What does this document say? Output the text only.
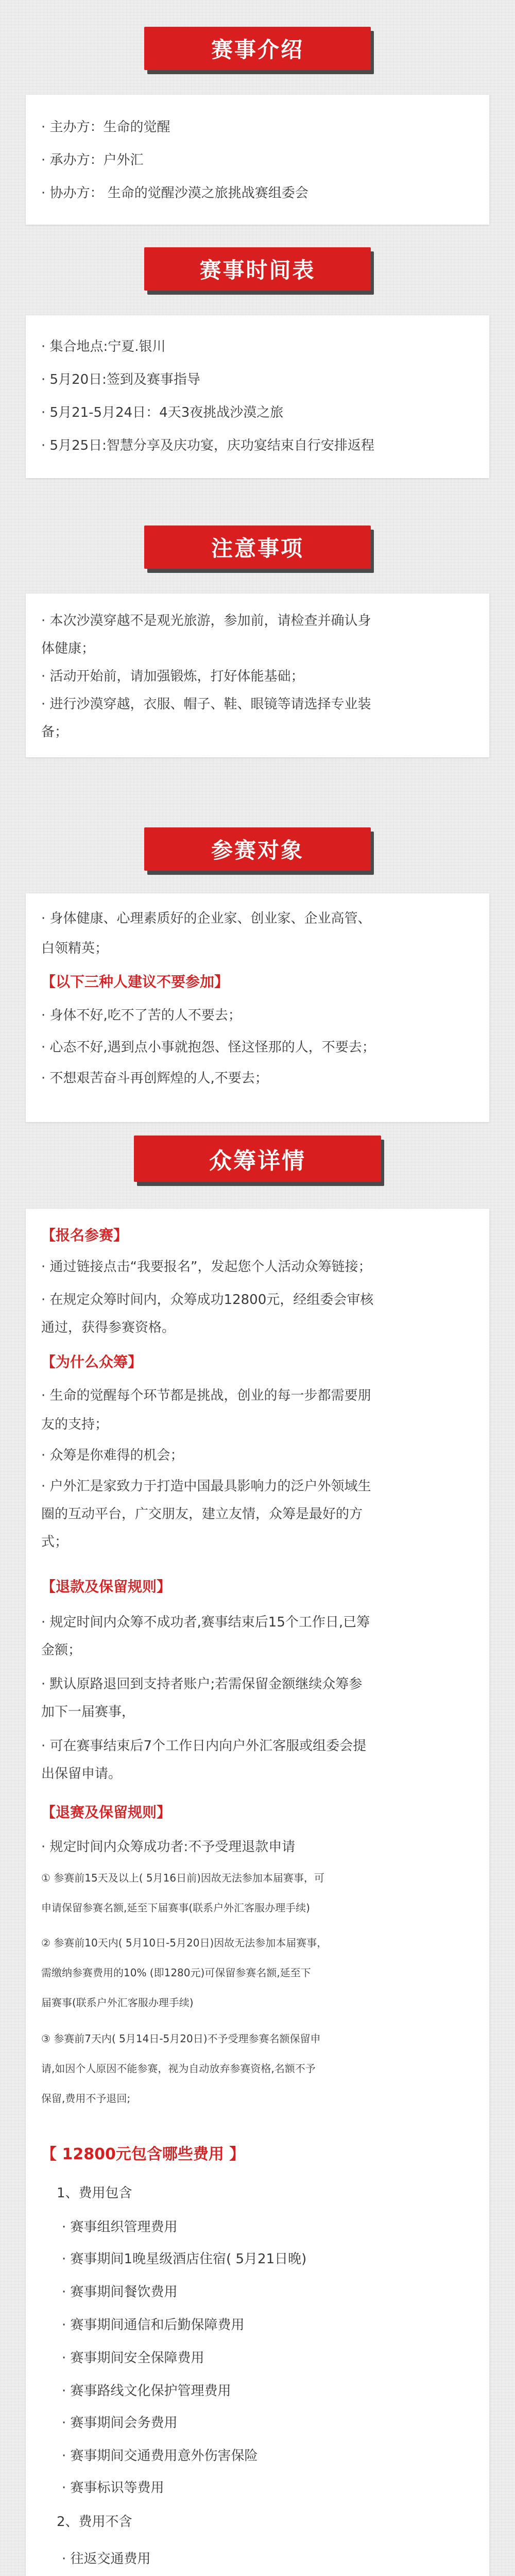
赛事介绍
· 主办方：生命的觉醒
· 承办方：户外汇
· 协办方： 生命的觉醒沙漠之旅挑战赛组委会
赛事时间表
· 集合地点:宁夏.银川
· 5月20日:签到及赛事指导
· 5月21-5月24日：4天3夜挑战沙漠之旅
· 5月25日:智慧分享及庆功宴，庆功宴结束自行安排返程
注意事项
· 本次沙漠穿越不是观光旅游，参加前，请检查并确认身
体健康；
· 活动开始前，请加强锻炼，打好体能基础；
· 进行沙漠穿越，衣服、帽子、鞋、眼镜等请选择专业装
备；
参赛对象
· 身体健康、心理素质好的企业家、创业家、企业高管、
白领精英；
【以下三种人建议不要参加】
· 身体不好,吃不了苦的人不要去；
· 心态不好,遇到点小事就抱怨、怪这怪那的人，不要去；
· 不想艰苦奋斗再创辉煌的人,不要去；
众筹详情
【报名参赛】
· 通过链接点击“我要报名”，发起您个人活动众筹链接；
· 在规定众筹时间内，众筹成功12800元，经组委会审核
通过，获得参赛资格。
【为什么众筹】
· 生命的觉醒每个环节都是挑战，创业的每一步都需要朋
友的支持；
· 众筹是你难得的机会；
· 户外汇是家致力于打造中国最具影响力的泛户外领域生
圈的互动平台，广交朋友，建立友情，众筹是最好的方
式；
【退款及保留规则】
· 规定时间内众筹不成功者,赛事结束后15个工作日,已筹
金额；
· 默认原路退回到支持者账户;若需保留金额继续众筹参
加下一届赛事，
· 可在赛事结束后7个工作日内向户外汇客服或组委会提
出保留申请。
【退赛及保留规则】
· 规定时间内众筹成功者:不予受理退款申请
① 参赛前15天及以上( 5月16日前)因故无法参加本届赛事，可
申请保留参赛名额,延至下届赛事(联系户外汇客服办理手续)
② 参赛前10天内( 5月10日-5月20日)因故无法参加本届赛事，
需缴纳参赛费用的10% (即1280元)可保留参赛名额,延至下
届赛事(联系户外汇客服办理手续)
③ 参赛前7天内( 5月14日-5月20日)不予受理参赛名额保留申
请,如因个人原因不能参赛，视为自动放弃参赛资格,名额不予
保留,费用不予退回;
【 12800元包含哪些费用 】
1、费用包含
· 赛事组织管理费用
· 赛事期间1晚星级酒店住宿( 5月21日晚)
· 赛事期间餐饮费用
· 赛事期间通信和后勤保障费用
· 赛事期间安全保障费用
· 赛事路线文化保护管理费用
· 赛事期间会务费用
· 赛事期间交通费用意外伤害保险
· 赛事标识等费用
2、费用不含
· 往返交通费用
